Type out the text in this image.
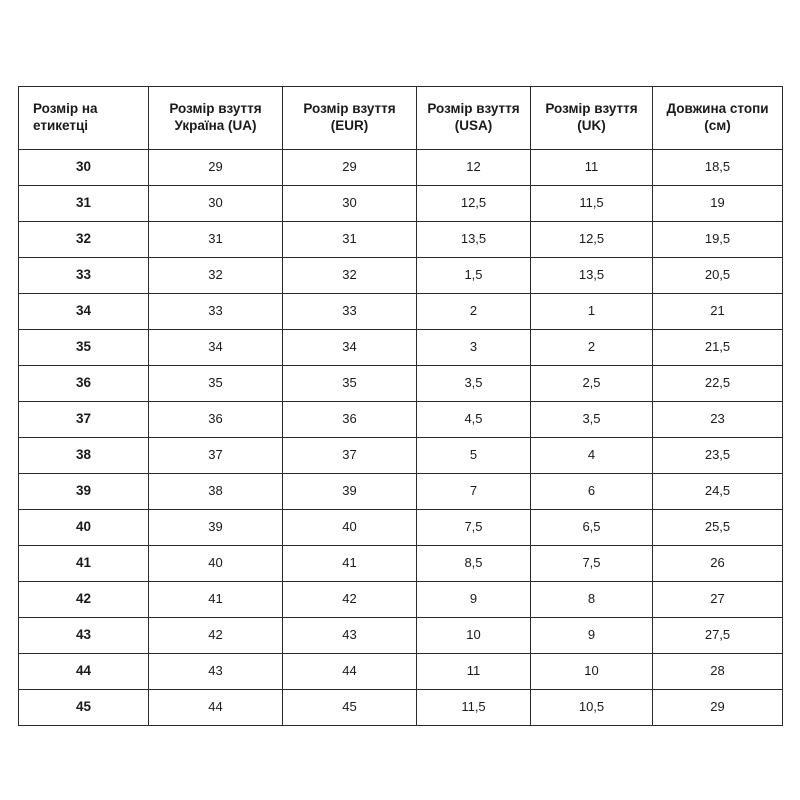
Розмір на етикетці	Розмір взуття Україна (UA)	Розмір взуття (EUR)	Розмір взуття (USA)	Розмір взуття (UK)	Довжина стопи (см)
30	29	29	12	11	18,5
31	30	30	12,5	11,5	19
32	31	31	13,5	12,5	19,5
33	32	32	1,5	13,5	20,5
34	33	33	2	1	21
35	34	34	3	2	21,5
36	35	35	3,5	2,5	22,5
37	36	36	4,5	3,5	23
38	37	37	5	4	23,5
39	38	39	7	6	24,5
40	39	40	7,5	6,5	25,5
41	40	41	8,5	7,5	26
42	41	42	9	8	27
43	42	43	10	9	27,5
44	43	44	11	10	28
45	44	45	11,5	10,5	29
